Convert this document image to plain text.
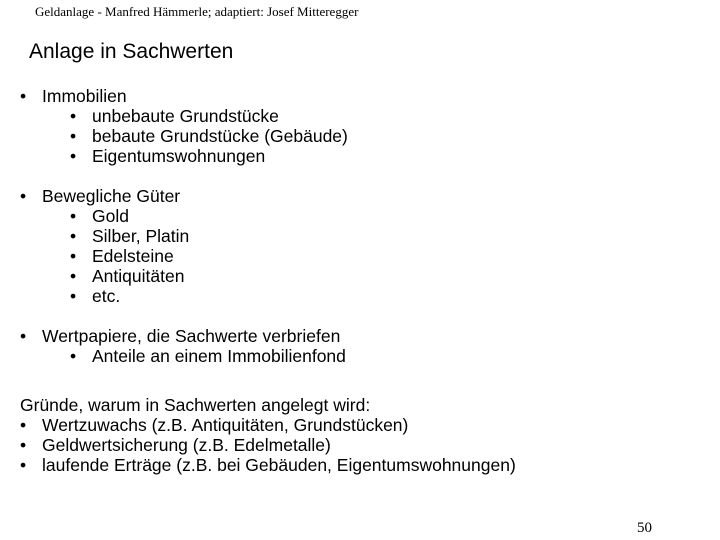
Geldanlage - Manfred Hämmerle; adaptiert: Josef Mitteregger
Anlage in Sachwerten
• Immobilien
• unbebaute Grundstücke
• bebaute Grundstücke (Gebäude)
• Eigentumswohnungen
• Bewegliche Güter
• Gold
• Silber, Platin
• Edelsteine
• Antiquitäten
• etc.
• Wertpapiere, die Sachwerte verbriefen
• Anteile an einem Immobilienfond
Gründe, warum in Sachwerten angelegt wird:
• Wertzuwachs (z.B. Antiquitäten, Grundstücken)
• Geldwertsicherung (z.B. Edelmetalle)
• laufende Erträge (z.B. bei Gebäuden, Eigentumswohnungen)
50
